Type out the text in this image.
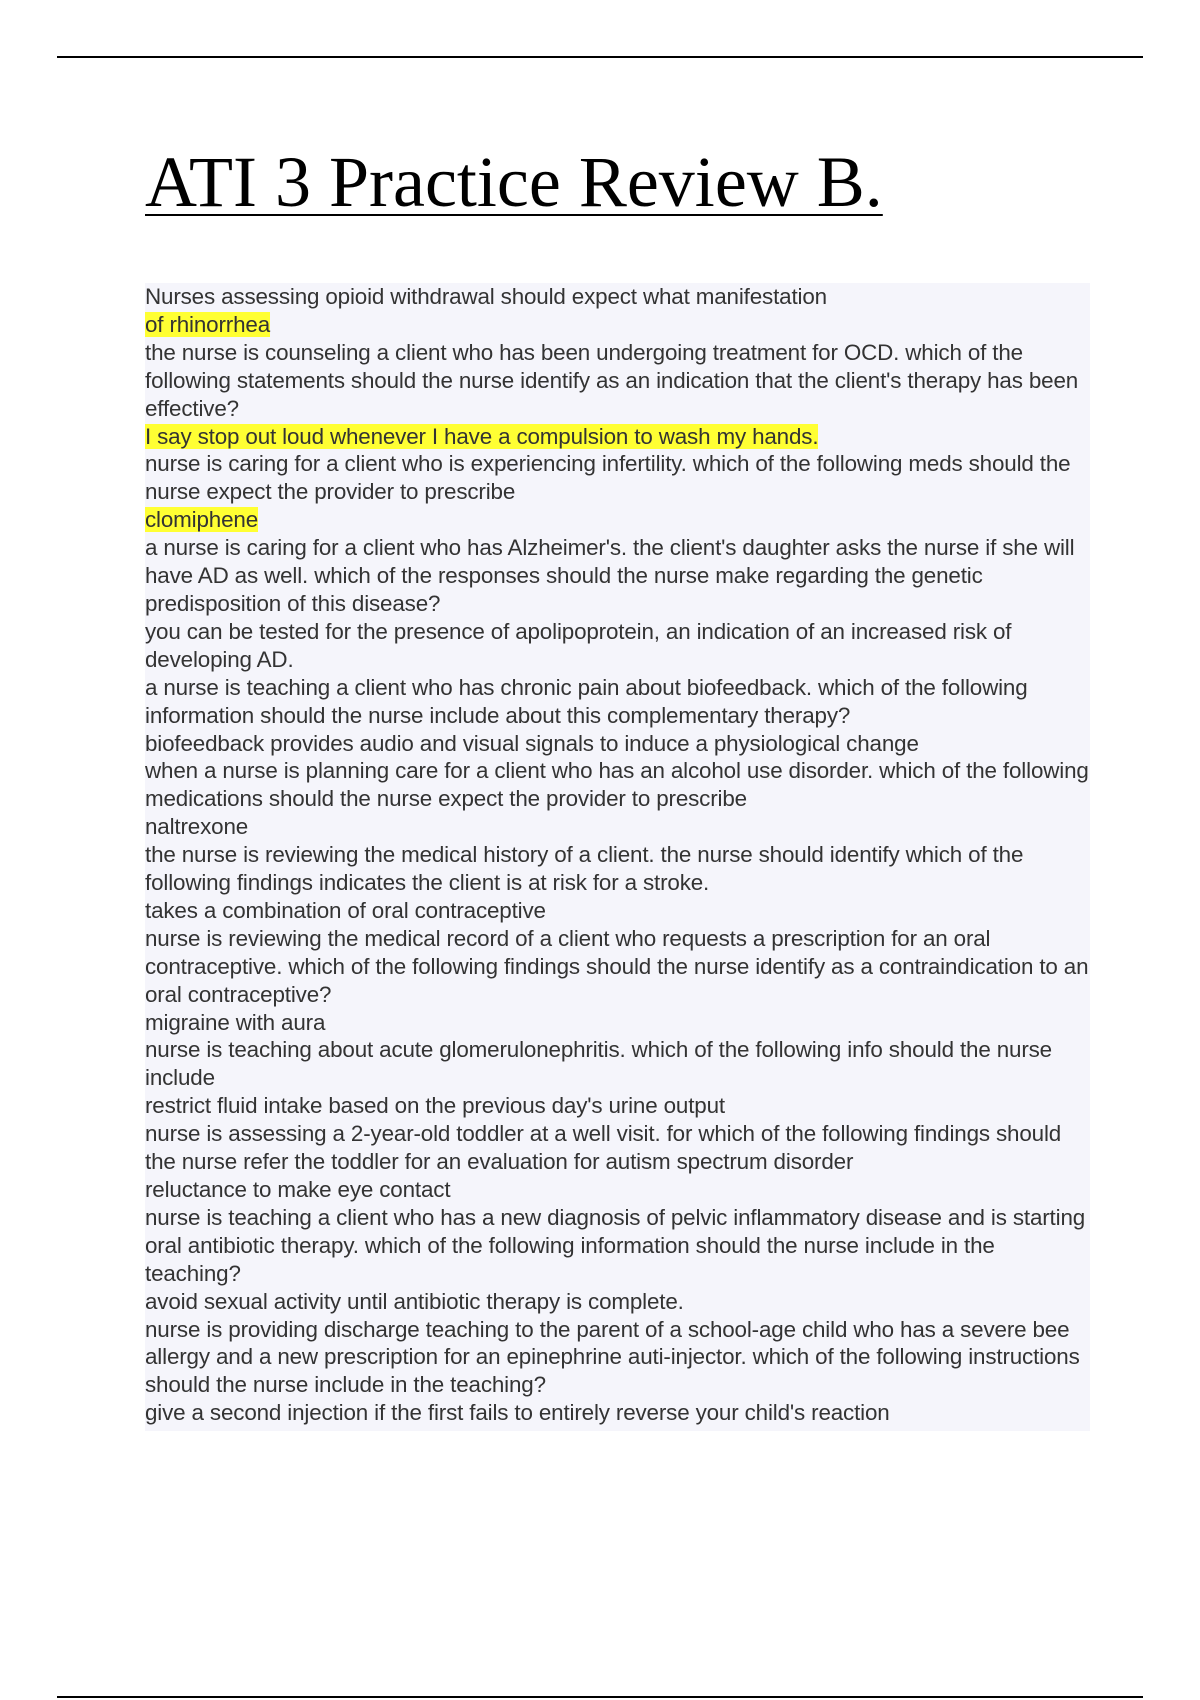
ATI 3 Practice Review B.

Nurses assessing opioid withdrawal should expect what manifestation

of rhinorrhea

the nurse is counseling a client who has been undergoing treatment for OCD. which of the following statements should the nurse identify as an indication that the client's therapy has been effective?

I say stop out loud whenever I have a compulsion to wash my hands.

nurse is caring for a client who is experiencing infertility. which of the following meds should the nurse expect the provider to prescribe

clomiphene

a nurse is caring for a client who has Alzheimer's. the client's daughter asks the nurse if she will have AD as well. which of the responses should the nurse make regarding the genetic predisposition of this disease?

you can be tested for the presence of apolipoprotein, an indication of an increased risk of developing AD.

a nurse is teaching a client who has chronic pain about biofeedback. which of the following information should the nurse include about this complementary therapy?

biofeedback provides audio and visual signals to induce a physiological change

when a nurse is planning care for a client who has an alcohol use disorder. which of the following medications should the nurse expect the provider to prescribe

naltrexone

the nurse is reviewing the medical history of a client. the nurse should identify which of the following findings indicates the client is at risk for a stroke.

takes a combination of oral contraceptive

nurse is reviewing the medical record of a client who requests a prescription for an oral contraceptive. which of the following findings should the nurse identify as a contraindication to an oral contraceptive?

migraine with aura

nurse is teaching about acute glomerulonephritis. which of the following info should the nurse include

restrict fluid intake based on the previous day's urine output

nurse is assessing a 2-year-old toddler at a well visit. for which of the following findings should the nurse refer the toddler for an evaluation for autism spectrum disorder

reluctance to make eye contact

nurse is teaching a client who has a new diagnosis of pelvic inflammatory disease and is starting oral antibiotic therapy. which of the following information should the nurse include in the teaching?

avoid sexual activity until antibiotic therapy is complete.

nurse is providing discharge teaching to the parent of a school-age child who has a severe bee allergy and a new prescription for an epinephrine auti-injector. which of the following instructions should the nurse include in the teaching?

give a second injection if the first fails to entirely reverse your child's reaction
